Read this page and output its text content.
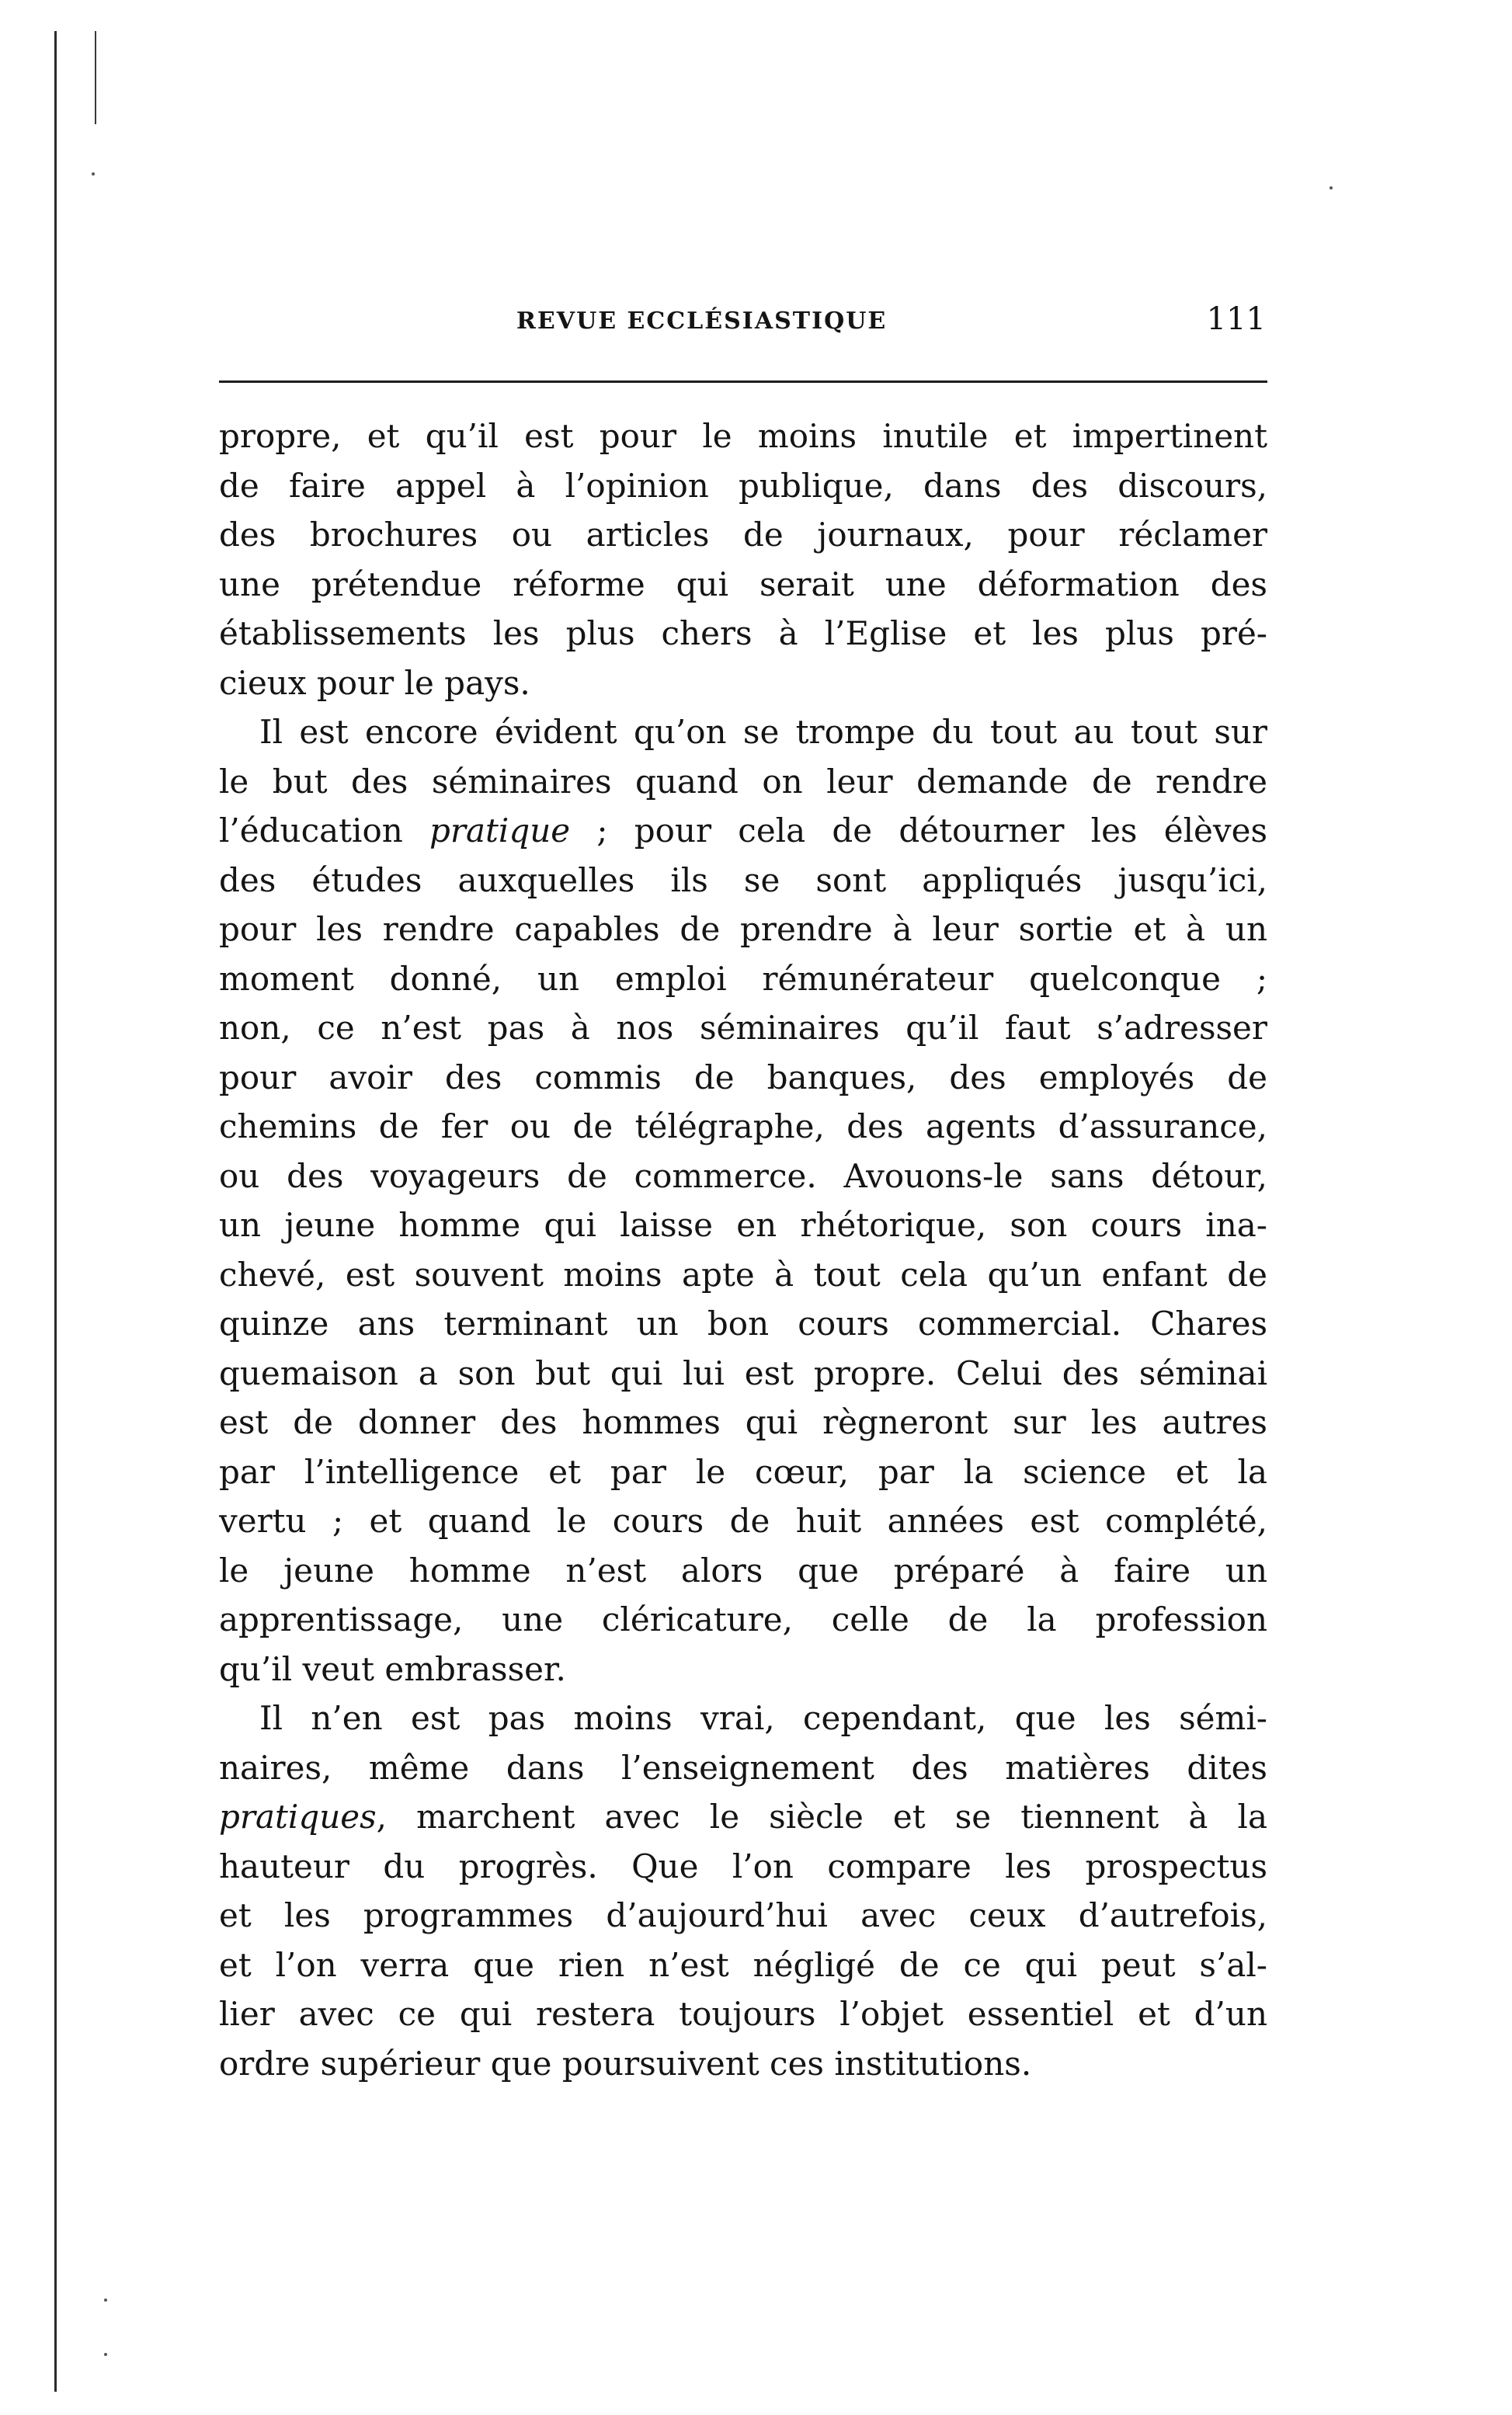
REVUE ECCLÉSIASTIQUE	111
propre, et qu’il est pour le moins inutile et impertinent
de faire appel à l’opinion publique, dans des discours,
des brochures ou articles de journaux, pour réclamer
une prétendue réforme qui serait une déformation des
établissements les plus chers à l’Eglise et les plus pré-
cieux pour le pays.
Il est encore évident qu’on se trompe du tout au tout sur
le but des séminaires quand on leur demande de rendre
l’éducation pratique ; pour cela de détourner les élèves
des études auxquelles ils se sont appliqués jusqu’ici,
pour les rendre capables de prendre à leur sortie et à un
moment donné, un emploi rémunérateur quelconque ;
non, ce n’est pas à nos séminaires qu’il faut s’adresser
pour avoir des commis de banques, des employés de
chemins de fer ou de télégraphe, des agents d’assurance,
ou des voyageurs de commerce. Avouons-le sans détour,
un jeune homme qui laisse en rhétorique, son cours ina-
chevé, est souvent moins apte à tout cela qu’un enfant de
quinze ans terminant un bon cours commercial. Chares
quemaison a son but qui lui est propre. Celui des séminai
est de donner des hommes qui règneront sur les autres
par l’intelligence et par le cœur, par la science et la
vertu ; et quand le cours de huit années est complété,
le jeune homme n’est alors que préparé à faire un
apprentissage, une cléricature, celle de la profession
qu’il veut embrasser.
Il n’en est pas moins vrai, cependant, que les sémi-
naires, même dans l’enseignement des matières dites
pratiques, marchent avec le siècle et se tiennent à la
hauteur du progrès. Que l’on compare les prospectus
et les programmes d’aujourd’hui avec ceux d’autrefois,
et l’on verra que rien n’est négligé de ce qui peut s’al-
lier avec ce qui restera toujours l’objet essentiel et d’un
ordre supérieur que poursuivent ces institutions.
